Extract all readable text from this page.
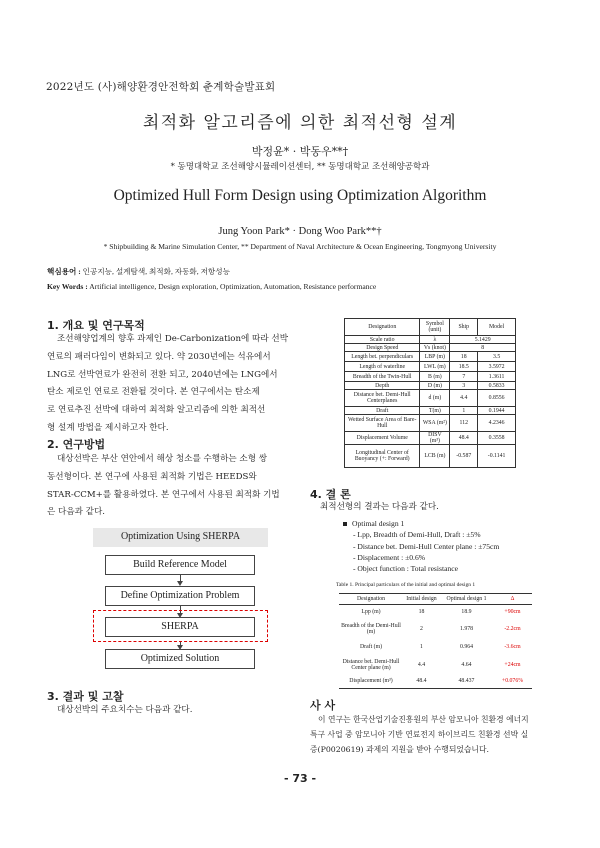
2022년도 (사)해양환경안전학회 춘계학술발표회
최적화 알고리즘에 의한 최적선형 설계
박정윤* · 박동우**†
* 동명대학교 조선해양시뮬레이션센터, ** 동명대학교 조선해양공학과
Optimized Hull Form Design using Optimization Algorithm
Jung Yoon Park* · Dong Woo Park**†
* Shipbuilding & Marine Simulation Center, ** Department of Naval Architecture & Ocean Engineering, Tongmyong University
핵심용어 : 인공지능, 설계탐색, 최적화, 자동화, 저항성능
Key Words : Artificial intelligence, Design exploration, Optimization, Automation, Resistance performance
1. 개요 및 연구목적
조선해양업계의 향후 과제인 De-Carbonization에 따라 선박
연료의 패러다임이 변화되고 있다. 약 2030년에는 석유에서
LNG로 선박연료가 완전히 전환 되고, 2040년에는 LNG에서
탄소 제로인 연료로 전환될 것이다. 본 연구에서는 탄소제
로 연료추진 선박에 대하여 최적화 알고리즘에 의한 최적선
형 설계 방법을 제시하고자 한다.
2. 연구방법
대상선박은 부산 연안에서 해상 청소를 수행하는 소형 쌍
동선형이다. 본 연구에 사용된 최적화 기법은 HEEDS와
STAR-CCM+를 활용하였다. 본 연구에서 사용된 최적화 기법
은 다음과 같다.
Optimization Using SHERPA
Build Reference Model
Define Optimization Problem
SHERPA
Optimized Solution
3. 결과 및 고찰
대상선박의 주요치수는 다음과 같다.
Designation	Symbol (unit)	Ship	Model
Scale ratio	λ	5.1429	
Design Speed	Vs (knot)	8	
Length bet. perpendiculars	LBP (m)	18	3.5
Length of waterline	LWL (m)	18.5	3.5972
Breadth of the Twin-Hull	B (m)	7	1.3611
Depth	D (m)	3	0.5833
Distance bet. Demi-Hull Centerplanes	d (m)	4.4	0.8556
Draft	T(m)	1	0.1944
Wetted Surface Area of Bare-Hull	WSA (m²)	112	4.2346
Displacement Volume	DISV (m³)	48.4	0.3558
Longitudinal Center of Buoyancy (+: Forward)	LCB (m)	-0.587	-0.1141
4. 결 론
최적선형의 결과는 다음과 같다.
Optimal design 1
- Lpp, Breadth of Demi-Hull, Draft : ±5%
- Distance bet. Demi-Hull Center plane : ±75cm
- Displacement : ±0.6%
- Object function : Total resistance
Table 1. Principal particulars of the initial and optimal design 1
Designation	Initial design	Optimal design 1	Δ
Lpp (m)	18	18.9	+90cm
Breadth of the Demi-Hull (m)	2	1.978	-2.2cm
Draft (m)	1	0.964	-3.6cm
Distance bet. Demi-Hull Center plane (m)	4.4	4.64	+24cm
Displacement (m³)	48.4	48.437	+0.076%
사 사
이 연구는 한국산업기술진흥원의 부산 암모니아 친환경 에너지
특구 사업 중 암모니아 기반 연료전지 하이브리드 친환경 선박 실
증(P0020619) 과제의 지원을 받아 수행되었습니다.
- 73 -
